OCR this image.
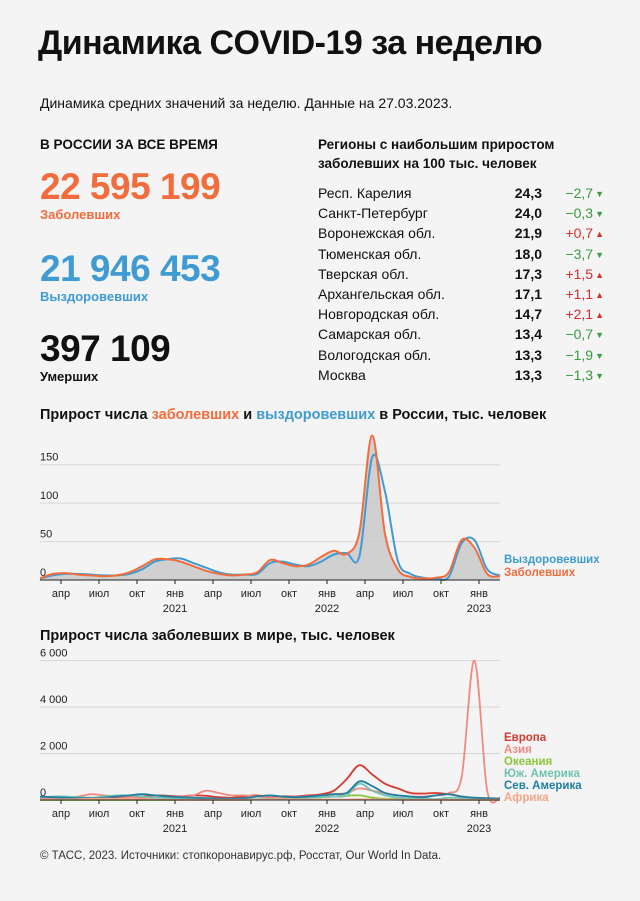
Динамика COVID-19 за неделю
Динамика средних значений за неделю. Данные на 27.03.2023.
В РОССИИ ЗА ВСЕ ВРЕМЯ
22 595 199
Заболевших
21 946 453
Выздоровевших
397 109
Умерших
Регионы с наибольшим приростом
заболевших на 100 тыс. человек
Респ. Карелия	24,3	−2,7 ▼
Санкт-Петербург	24,0	−0,3 ▼
Воронежская обл.	21,9	+0,7 ▲
Тюменская обл.	18,0	−3,7 ▼
Тверская обл.	17,3	+1,5 ▲
Архангельская обл.	17,1	+1,1 ▲
Новгородская обл.	14,7	+2,1 ▲
Самарская обл.	13,4	−0,7 ▼
Вологодская обл.	13,3	−1,9 ▼
Москва	13,3	−1,3 ▼
Прирост числа заболевших и выздоровевших в России, тыс. человек
150
100
50
0
апр июл окт янв апр июл окт янв апр июл окт янв
2021	2022	2023
Выздоровевших
Заболевших
Прирост числа заболевших в мире, тыс. человек
6 000
4 000
2 000
0
апр июл окт янв апр июл окт янв апр июл окт янв
2021	2022	2023
Европа
Азия
Океания
Юж. Америка
Сев. Америка
Африка
© ТАСС, 2023. Источники: стопкоронавирус.рф, Росстат, Our World In Data.
